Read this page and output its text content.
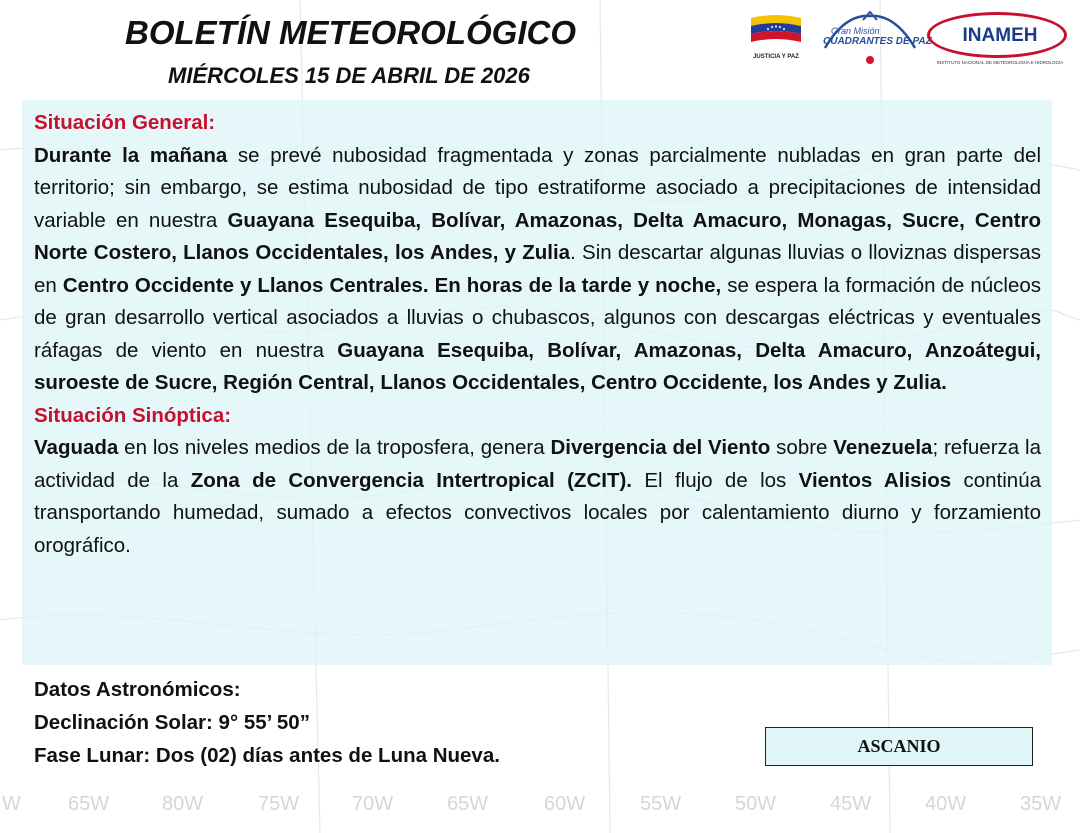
BOLETÍN METEOROLÓGICO
MIÉRCOLES 15 DE ABRIL DE 2026
JUSTICIA Y PAZ
Gran Misión
CUADRANTES DE PAZ	INAMEH
INSTITUTO NACIONAL DE METEOROLOGÍA E HIDROLOGÍA
Situación General:

Durante la mañana se prevé nubosidad fragmentada y zonas parcialmente nubladas en gran parte del territorio; sin embargo, se estima nubosidad de tipo estratiforme asociado a precipitaciones de intensidad variable en nuestra Guayana Esequiba, Bolívar, Amazonas, Delta Amacuro, Monagas, Sucre, Centro Norte Costero, Llanos Occidentales, los Andes, y Zulia. Sin descartar algunas lluvias o lloviznas dispersas en Centro Occidente y Llanos Centrales. En horas de la tarde y noche, se espera la formación de núcleos de gran desarrollo vertical asociados a lluvias o chubascos, algunos con descargas eléctricas y eventuales ráfagas de viento en nuestra Guayana Esequiba, Bolívar, Amazonas, Delta Amacuro, Anzoátegui, suroeste de Sucre, Región Central, Llanos Occidentales, Centro Occidente, los Andes y Zulia.

Situación Sinóptica:

Vaguada en los niveles medios de la troposfera, genera Divergencia del Viento sobre Venezuela; refuerza la actividad de la Zona de Convergencia Intertropical (ZCIT). El flujo de los Vientos Alisios continúa transportando humedad, sumado a efectos convectivos locales por calentamiento diurno y forzamiento orográfico.

Datos Astronómicos:
Declinación Solar: 9° 55’ 50”
Fase Lunar: Dos (02) días antes de Luna Nueva.	ASCANIO
W 65W	80W	75W	70W	65W	60W	55W	50W	45W	40W	35W
